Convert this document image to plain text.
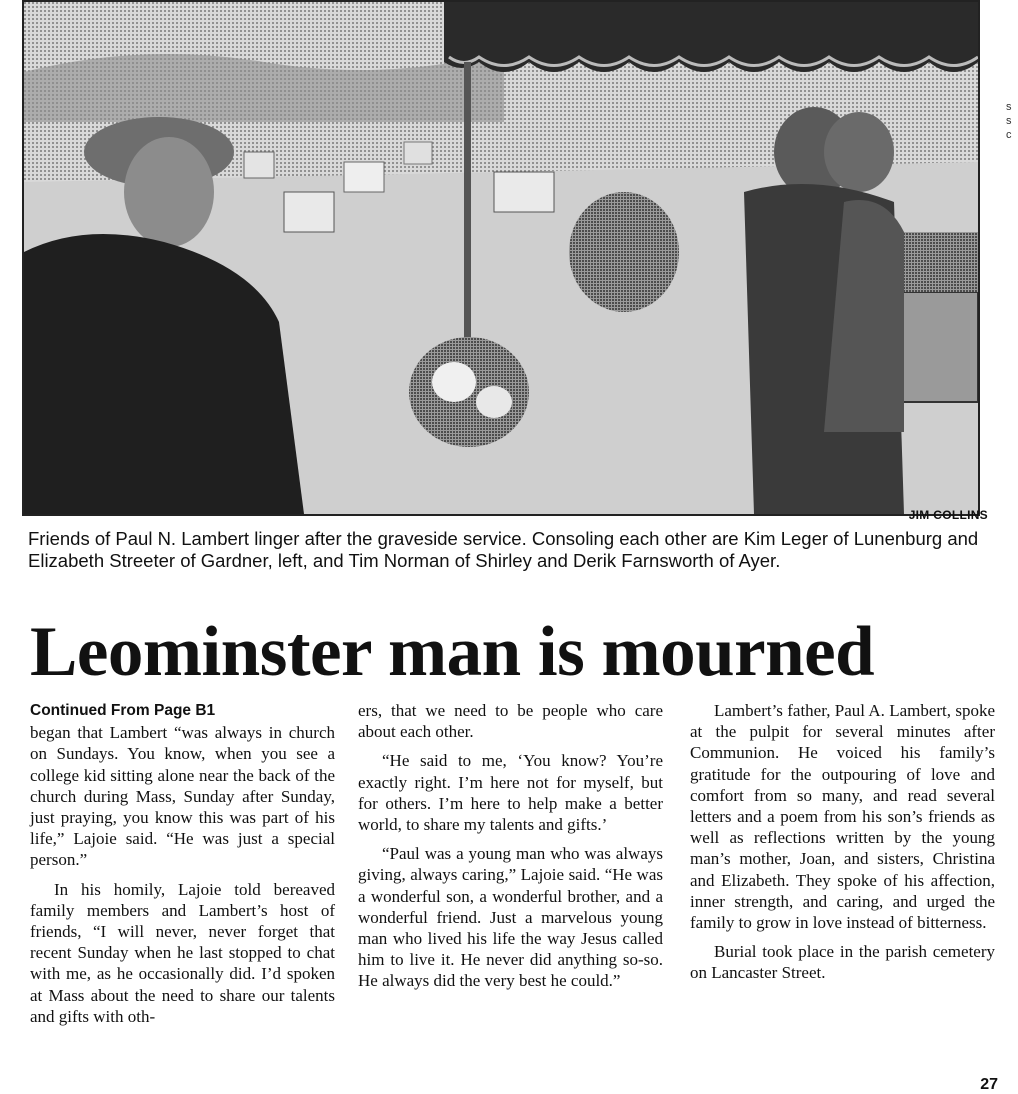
JIM COLLINS
Friends of Paul N. Lambert linger after the graveside service. Consoling each other are Kim Leger of Lunenburg and Elizabeth Streeter of Gardner, left, and Tim Norman of Shirley and Derik Farnsworth of Ayer.
Leominster man is mourned
Continued From Page B1

began that Lambert “was always in church on Sundays. You know, when you see a college kid sitting alone near the back of the church during Mass, Sunday after Sunday, just praying, you know this was part of his life,” Lajoie said. “He was just a special person.”

In his homily, Lajoie told bereaved family members and Lambert’s host of friends, “I will never, never forget that recent Sunday when he last stopped to chat with me, as he occasionally did. I’d spoken at Mass about the need to share our talents and gifts with oth-

ers, that we need to be people who care about each other.

“He said to me, ‘You know? You’re exactly right. I’m here not for myself, but for others. I’m here to help make a better world, to share my talents and gifts.’

“Paul was a young man who was always giving, always caring,” Lajoie said. “He was a wonderful son, a wonderful brother, and a wonderful friend. Just a marvelous young man who lived his life the way Jesus called him to live it. He never did anything so-so. He always did the very best he could.”

Lambert’s father, Paul A. Lambert, spoke at the pulpit for several minutes after Communion. He voiced his family’s gratitude for the outpouring of love and comfort from so many, and read several letters and a poem from his son’s friends as well as reflections written by the young man’s mother, Joan, and sisters, Christina and Elizabeth. They spoke of his affection, inner strength, and caring, and urged the family to grow in love instead of bitterness.

Burial took place in the parish cemetery on Lancaster Street.

s
s
c
27
